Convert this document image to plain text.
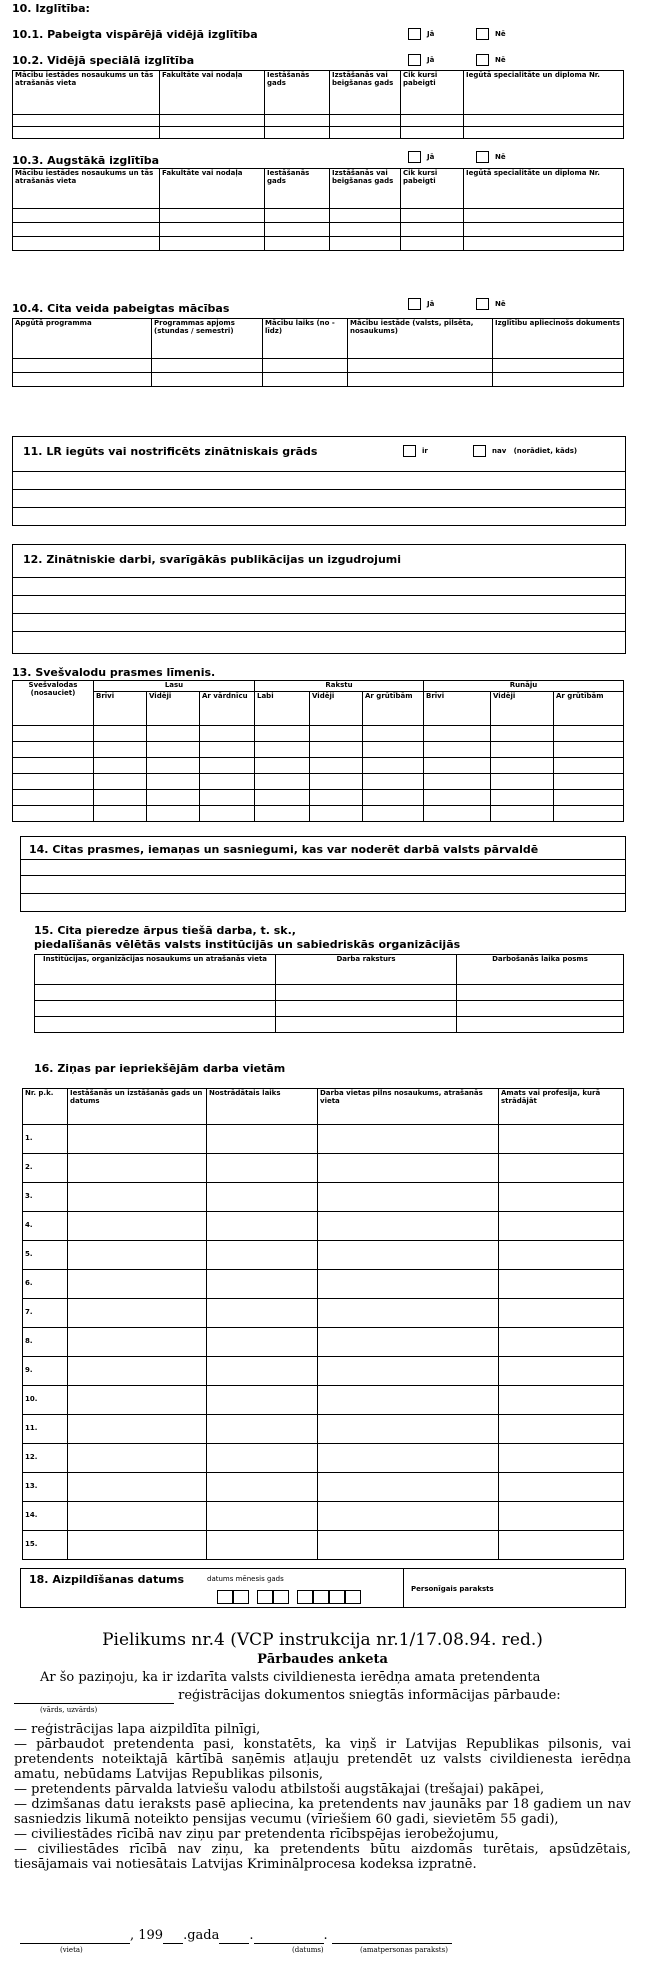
10. Izglītība:
10.1. Pabeigta vispārējā vidējā izglītība	Jā	Nē
10.2. Vidējā speciālā izglītība	Jā	Nē
Mācību iestādes nosaukums un tās atrašanās vieta	Fakultāte vai nodaļa	Iestāšanās gads	Izstāšanās vai beigšanas gads	Cik kursi pabeigti	Iegūtā specialitāte un diploma Nr.

10.3. Augstākā izglītība	Jā	Nē
Mācību iestādes nosaukums un tās atrašanās vieta	Fakultāte vai nodaļa	Iestāšanās gads	Izstāšanās vai beigšanas gads	Cik kursi pabeigti	Iegūtā specialitāte un diploma Nr.

10.4. Cita veida pabeigtas mācības	Jā	Nē
Apgūtā programma	Programmas apjoms (stundas / semestri)	Mācību laiks (no - līdz)	Mācību iestāde (valsts, pilsēta, nosaukums)	Izglītību apliecinošs dokuments

11. LR iegūts vai nostrificēts zinātniskais grāds	ir	nav (norādiet, kāds)
12. Zinātniskie darbi, svarīgākās publikācijas un izgudrojumi
13. Svešvalodu prasmes līmenis.
Svešvalodas (nosauciet)	Lasu			Rakstu			Runāju		
	Brīvi	Vidēji	Ar vārdnīcu	Labi	Vidēji	Ar grūtībām	Brīvi	Vidēji	Ar grūtībām

14. Citas prasmes, iemaņas un sasniegumi, kas var noderēt darbā valsts pārvaldē
15. Cita pieredze ārpus tiešā darba, t. sk.,
piedalīšanās vēlētās valsts institūcijās un sabiedriskās organizācijās
Institūcijas, organizācijas nosaukums un atrašanās vieta	Darba raksturs	Darbošanās laika posms

16. Ziņas par iepriekšējām darba vietām
Nr. p.k.	Iestāšanās un izstāšanās gads un datums	Nostrādātais laiks	Darba vietas pilns nosaukums, atrašanās vieta	Amats vai profesija, kurā strādājāt
1.				
2.				
3.				
4.				
5.				
6.				
7.				
8.				
9.				
10.				
11.				
12.				
13.				
14.				
15.				
18. Aizpildīšanas datums	datums mēnesis gads
Personīgais paraksts
Pielikums nr.4 (VCP instrukcija nr.1/17.08.94. red.)
Pārbaudes anketa
Ar šo paziņoju, ka ir izdarīta valsts civildienesta ierēdņa amata pretendenta
reģistrācijas dokumentos sniegtās informācijas pārbaude:
(vārds, uzvārds)
— reģistrācijas lapa aizpildīta pilnīgi,
— pārbaudot pretendenta pasi, konstatēts, ka viņš ir Latvijas Republikas pilsonis, vai pretendents noteiktajā kārtībā saņēmis atļauju pretendēt uz valsts civildienesta ierēdņa amatu, nebūdams Latvijas Republikas pilsonis,
— pretendents pārvalda latviešu valodu atbilstoši augstākajai (trešajai) pakāpei,
— dzimšanas datu ieraksts pasē apliecina, ka pretendents nav jaunāks par 18 gadiem un nav sasniedzis likumā noteikto pensijas vecumu (vīriešiem 60 gadi, sievietēm 55 gadi),
— civiliestādes rīcībā nav ziņu par pretendenta rīcībspējas ierobežojumu,
— civiliestādes rīcībā nav ziņu, ka pretendents būtu aizdomās turētais, apsūdzētais, tiesājamais vai notiesātais Latvijas Kriminālprocesa kodeksa izpratnē.
, 199 .gada .	.
(vieta)	(datums)	(amatpersonas paraksts)
